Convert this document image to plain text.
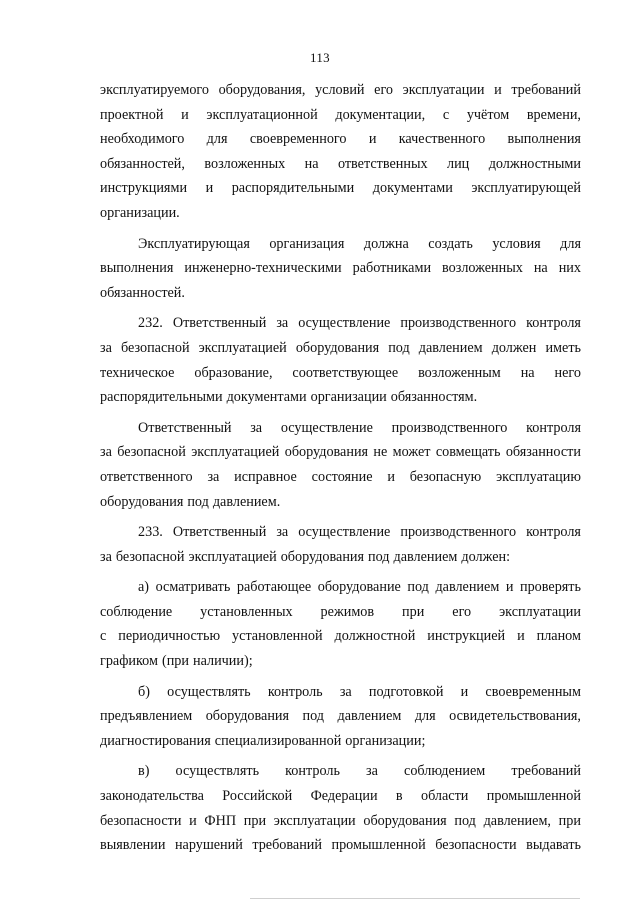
113
эксплуатируемого оборудования, условий его эксплуатации и требований
проектной и эксплуатационной документации, с учётом времени,
необходимого для своевременного и качественного выполнения
обязанностей, возложенных на ответственных лиц должностными
инструкциями и распорядительными документами эксплуатирующей
организации.
Эксплуатирующая организация должна создать условия для
выполнения инженерно-техническими работниками возложенных на них
обязанностей.
232. Ответственный за осуществление производственного контроля
за безопасной эксплуатацией оборудования под давлением должен иметь
техническое образование, соответствующее возложенным на него
распорядительными документами организации обязанностям.
Ответственный за осуществление производственного контроля
за безопасной эксплуатацией оборудования не может совмещать обязанности
ответственного за исправное состояние и безопасную эксплуатацию
оборудования под давлением.
233. Ответственный за осуществление производственного контроля
за безопасной эксплуатацией оборудования под давлением должен:
а) осматривать работающее оборудование под давлением и проверять
соблюдение установленных режимов при его эксплуатации
с периодичностью установленной должностной инструкцией и планом
графиком (при наличии);
б) осуществлять контроль за подготовкой и своевременным
предъявлением оборудования под давлением для освидетельствования,
диагностирования специализированной организации;
в) осуществлять контроль за соблюдением требований
законодательства Российской Федерации в области промышленной
безопасности и ФНП при эксплуатации оборудования под давлением, при
выявлении нарушений требований промышленной безопасности выдавать
